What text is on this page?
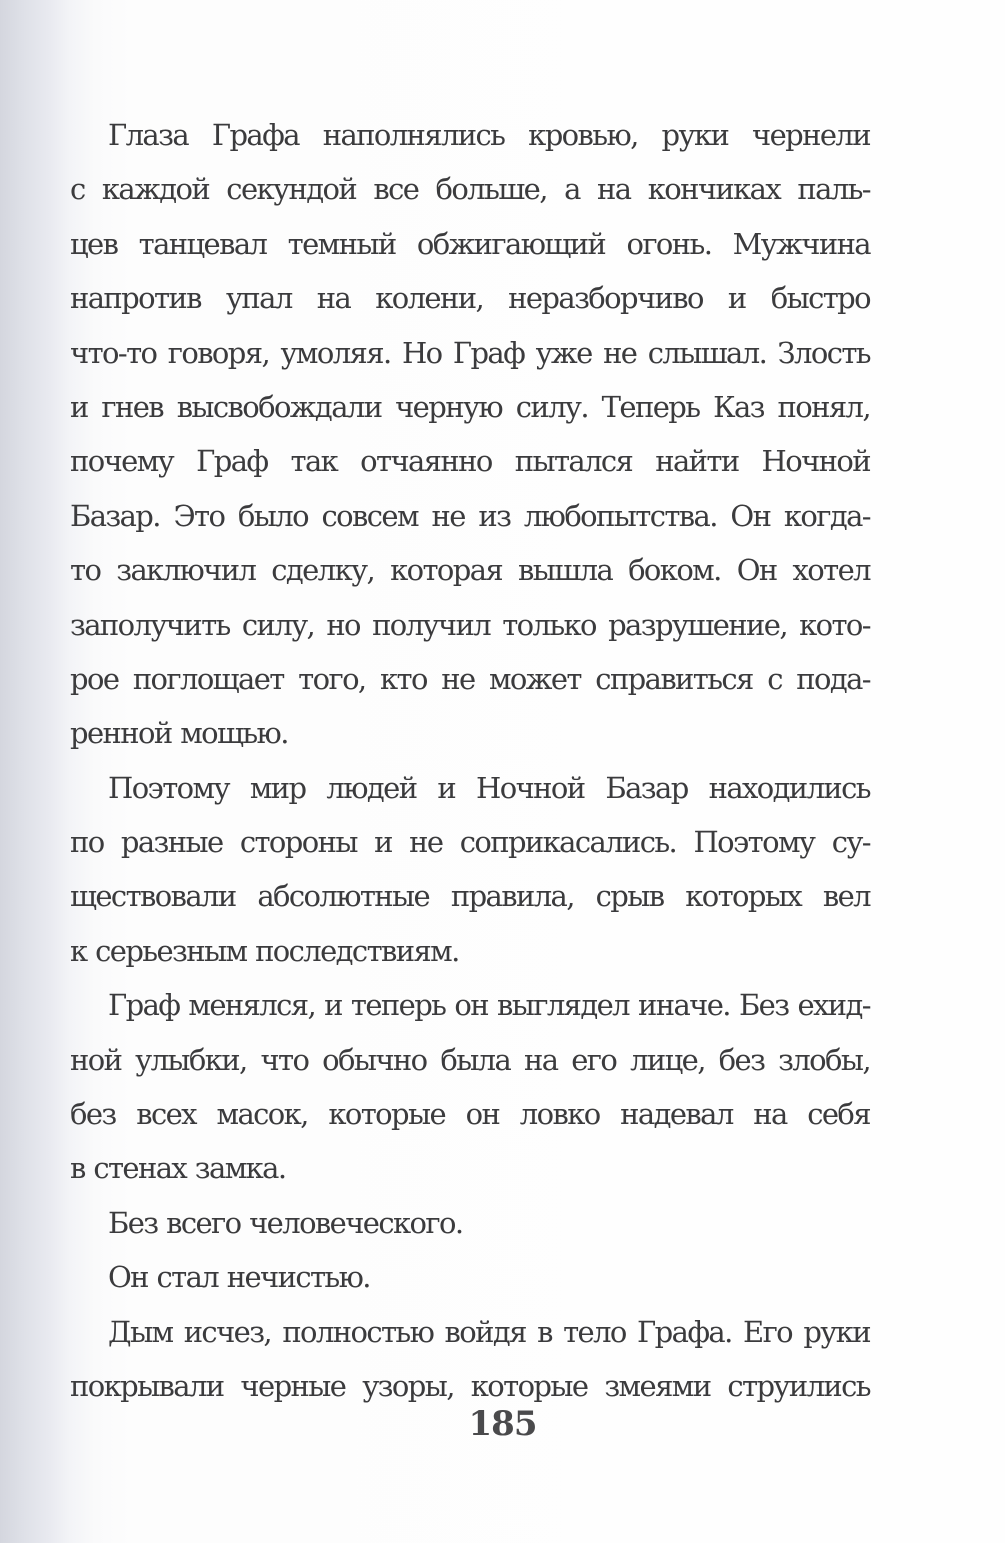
Глаза Графа наполнялись кровью, руки чернели
с каждой секундой все больше, а на кончиках паль-
цев танцевал темный обжигающий огонь. Мужчина
напротив упал на колени, неразборчиво и быстро
что-то говоря, умоляя. Но Граф уже не слышал. Злость
и гнев высвобождали черную силу. Теперь Каз понял,
почему Граф так отчаянно пытался найти Ночной
Базар. Это было совсем не из любопытства. Он когда-
то заключил сделку, которая вышла боком. Он хотел
заполучить силу, но получил только разрушение, кото-
рое поглощает того, кто не может справиться с пода-
ренной мощью.
Поэтому мир людей и Ночной Базар находились
по разные стороны и не соприкасались. Поэтому су-
ществовали абсолютные правила, срыв которых вел
к серьезным последствиям.
Граф менялся, и теперь он выглядел иначе. Без ехид-
ной улыбки, что обычно была на его лице, без злобы,
без всех масок, которые он ловко надевал на себя
в стенах замка.
Без всего человеческого.
Он стал нечистью.
Дым исчез, полностью войдя в тело Графа. Его руки
покрывали черные узоры, которые змеями струились
185
